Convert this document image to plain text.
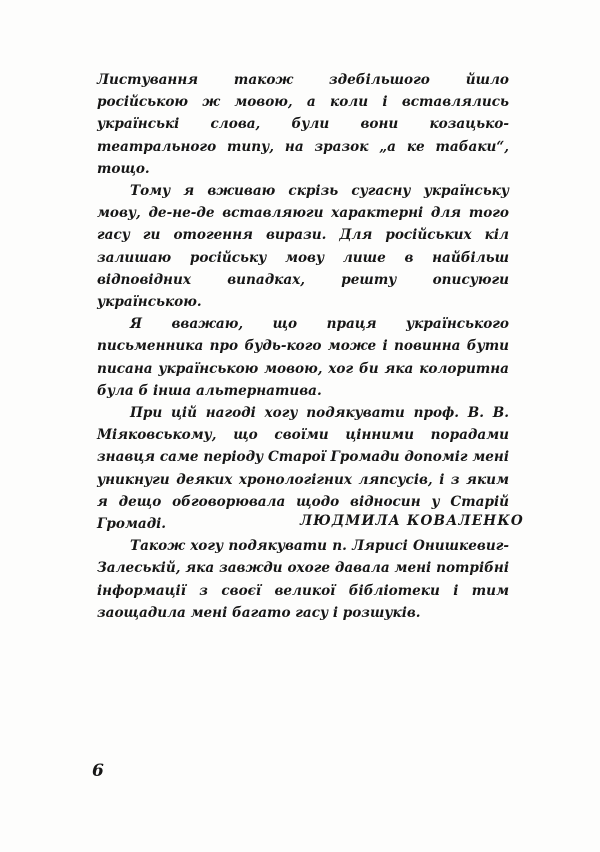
Листування також здебільшого йшло російською ж мовою, а коли і вставлялись українські слова, були вони козацько-театрального типу, на зразок „а ке табаки“, тощо.

Тому я вживаю скрізь сугасну українську мову, де-не-де вставляюги характерні для того гасу ги отогення вирази. Для російських кіл залишаю російську мову лише в найбільш відповідних випадках, решту описуюги українською.

Я вважаю, що праця українського письменника про будь-кого може і повинна бути писана українською мовою, хог би яка колоритна була б інша альтернатива.

При цій нагоді хогу подякувати проф. В. В. Міяковському, що своїми цінними порадами знавця саме періоду Старої Громади допоміг мені уникнуги деяких хронологігних ляпсусів, і з яким я дещо обговорювала щодо відносин у Старій Громаді.

Також хогу подякувати п. Лярисі Онишкевиг-Залеській, яка завжди охоге давала мені потрібні інформації з своєї великої бібліотеки і тим заощадила мені багато гасу і розшуків.

ЛЮДМИЛА КОВАЛЕНКО
6
